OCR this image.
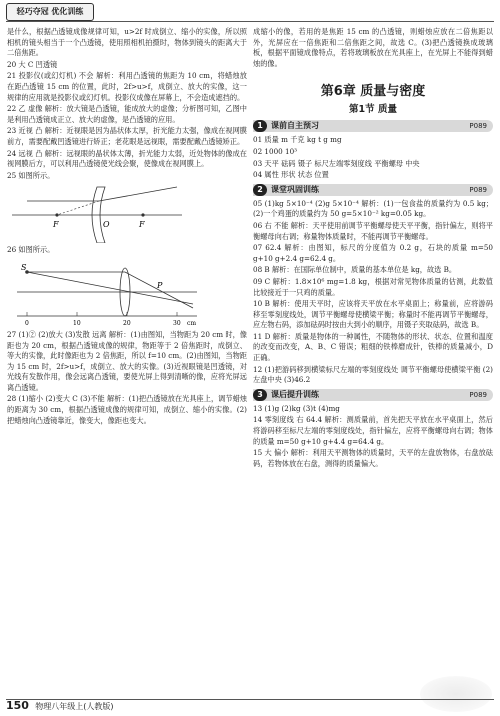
轻巧夺冠 优化训练

是什么，根据凸透镜成像规律可知，u>2f 时成倒立、缩小的实像，所以照相机的镜头相当于一个凸透镜，使用照相机拍摄时，物体到镜头的距离大于二倍焦距。

20 大 C 凹透镜

21 投影仪(或幻灯机) 不会 解析：利用凸透镜的焦距为 10 cm，将蜡烛放在距凸透镜 15 cm 的位置，此时，2f>u>f，成倒立、放大的实像，这一规律的应用就是投影仪或幻灯机。投影仪成像在屏幕上，不会造成遮挡的。

22 乙 虚像 解析：放大镜是凸透镜，能成放大的虚像；分析图可知，乙图中是利用凸透镜成正立、放大的虚像，是凸透镜的应用。

23 近视 凸 解析：近视眼是因为晶状体太厚，折光能力太强，像成在视网膜前方，需要配戴凹透镜进行矫正；老花眼是远视眼，需要配戴凸透镜矫正。

24 远视 凸 解析：远视眼的晶状体太薄，折光能力太弱，近处物体的像成在视网膜后方，可以利用凸透镜使光线会聚，使像成在视网膜上。

25 如图所示。

F	F
O

26 如图所示。

S
P
0	10	20	30 cm

27 (1)② (2)放大 (3)发散 远离 解析：(1)由图知，当物距为 20 cm 时，像距也为 20 cm，根据凸透镜成像的规律，物距等于 2 倍焦距时，成倒立、等大的实像，此时像距也为 2 倍焦距，所以 f=10 cm。(2)由图知，当物距为 15 cm 时，2f>u>f，成倒立、放大的实像。(3)近视眼镜是凹透镜，对光线有发散作用，像会远离凸透镜，要使光屏上得到清晰的像，应将光屏远离凸透镜。

28 (1)缩小 (2)变大 C (3)不能 解析：(1)把凸透镜放在光具座上，调节蜡烛的距离为 30 cm，根据凸透镜成像的规律可知，成倒立、缩小的实像。(2)把蜡烛向凸透镜靠近，像变大，像距也变大。

成缩小的像，若用的是焦距 15 cm 的凸透镜，则蜡烛应放在二倍焦距以外，光屏应在一倍焦距和二倍焦距之间，故选 C。(3)把凸透镜换成玻璃板，根据平面镜成像特点，若将玻璃板放在光具座上，在光屏上不能得到蜡烛的像。

第6章 质量与密度
第1节 质量
1	课前自主预习	P089

01 质量 m 千克 kg t g mg

02 1000 10³

03 天平 砝码 镊子 标尺左端零刻度线 平衡螺母 中央

04 属性 形状 状态 位置

2	课堂巩固训练	P089

05 (1)kg 5×10⁻⁴ (2)g 5×10⁻⁴ 解析：(1)一包食盐的质量约为 0.5 kg；(2)一个鸡蛋的质量约为 50 g=5×10⁻² kg=0.05 kg。

06 右 不能 解析：天平使用前调节平衡螺母使天平平衡，指针偏左，则将平衡螺母向右调；称量物体质量时，不能再调节平衡螺母。

07 62.4 解析：由图知，标尺的分度值为 0.2 g，石块的质量 m=50 g+10 g+2.4 g=62.4 g。

08 B 解析：在国际单位制中，质量的基本单位是 kg，故选 B。

09 C 解析：1.8×10⁶ mg=1.8 kg，根据对常见物体质量的估测，此数值比较接近于一只鸡的质量。

10 B 解析：使用天平时，应该将天平放在水平桌面上；称量前，应将游码移至零刻度线处，调节平衡螺母使横梁平衡；称量时不能再调节平衡螺母，应左物右码，添加砝码时按由大到小的顺序，用镊子夹取砝码，故选 B。

11 D 解析：质量是物体的一种属性，不随物体的形状、状态、位置和温度的改变而改变，A、B、C 错误；粗细的铁棒磨成针，铁棒的质量减小，D 正确。

12 (1)把游码移到横梁标尺左端的零刻度线处 调节平衡螺母使横梁平衡 (2)左盘中央 (3)46.2

3	课后提升训练	P089

13 (1)g (2)kg (3)t (4)mg

14 零刻度线 右 64.4 解析：测质量前，首先把天平放在水平桌面上，然后将游码移至标尺左端的零刻度线处，指针偏左，应将平衡螺母向右调；物体的质量 m=50 g+10 g+4.4 g=64.4 g。

15 大 偏小 解析：利用天平测物体的质量时，天平的左盘放物体，右盘放砝码，若物体放在右盘，测得的质量偏大。

150 物理八年级上(人教版)
